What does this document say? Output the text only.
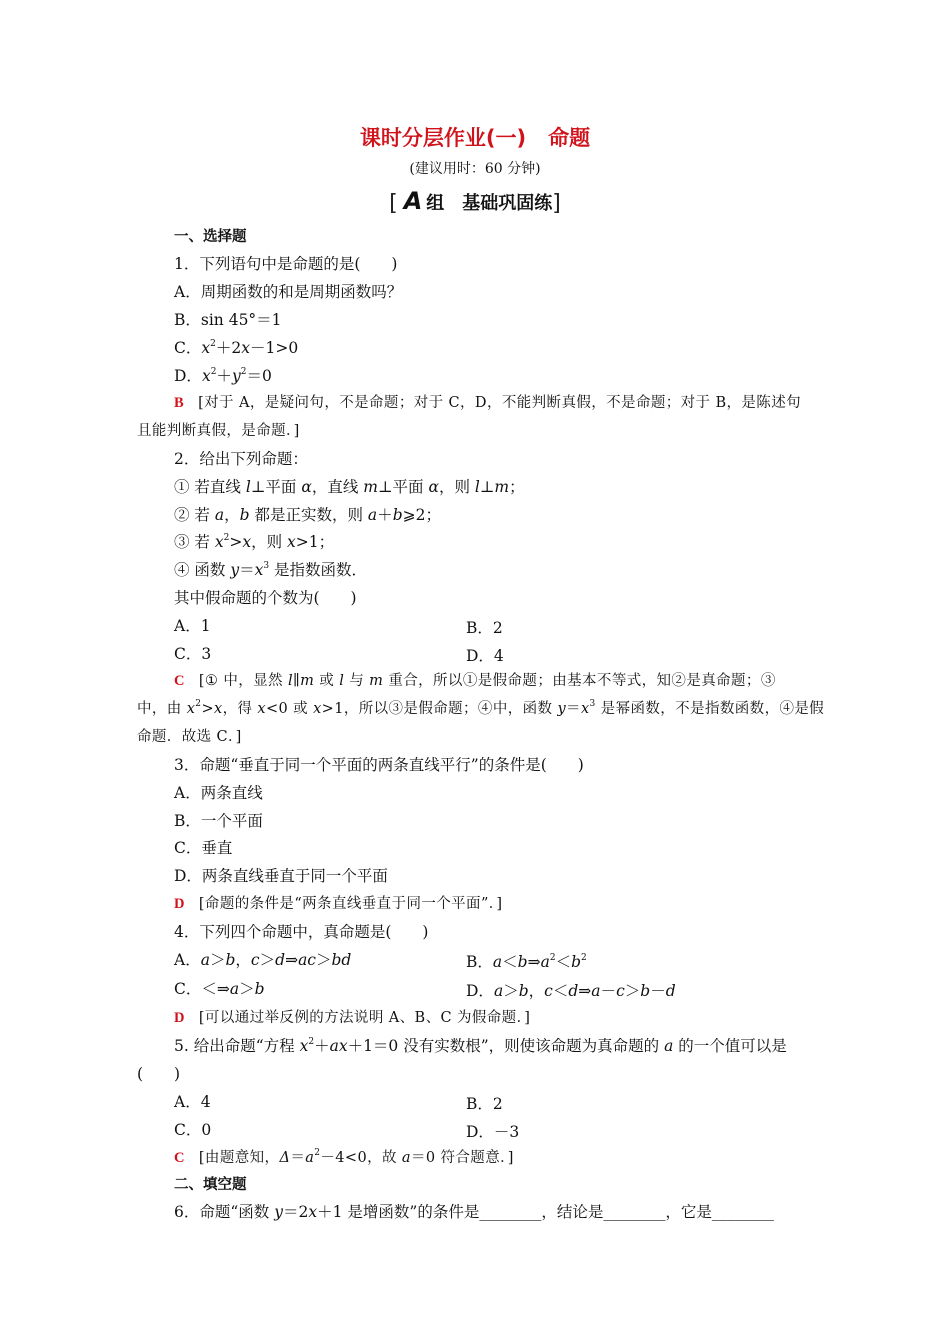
课时分层作业(一) 命题
(建议用时：60 分钟)
[ A 组 基础巩固练]
一、选择题
1．下列语句中是命题的是(　　)
A．周期函数的和是周期函数吗？
B．sin 45°＝1
C．$x^2+2x-1>0$
D．$x^2+y^2=0$
B [对于 A，是疑问句，不是命题；对于 C，D，不能判断真假，不是命题；对于 B，是陈述句
且能判断真假，是命题．]
2．给出下列命题：
① 若直线 l⊥平面 α，直线 m⊥平面 α，则 l⊥m；
② 若 a，b 都是正实数，则 a＋b⩾2；
③ 若 $x^2>x$，则 x>1；
④ 函数 $y=x^3$ 是指数函数．
其中假命题的个数为(　　)
A．1	B．2
C．3	D．4
C [① 中，显然 l∥m 或 l 与 m 重合，所以①是假命题；由基本不等式，知②是真命题；③
中，由 $x^2>x$，得 x<0 或 x>1，所以③是假命题；④中，函数 $y=x^3$ 是幂函数，不是指数函数，④是假
命题．故选 C．]
3．命题“垂直于同一个平面的两条直线平行”的条件是(　　)
A．两条直线
B．一个平面
C．垂直
D．两条直线垂直于同一个平面
D [命题的条件是“两条直线垂直于同一个平面”．]
4．下列四个命题中，真命题是(　　)
A．a＞b，c＞d⇒ac＞bd	B．$a<b\Rightarrow a^2<b^2$
C．＜⇒a＞b	D．a＞b，c＜d⇒a－c＞b－d
D [可以通过举反例的方法说明 A、B、C 为假命题．]
5. 给出命题“方程 $x^2+ax+1=0$ 没有实数根”，则使该命题为真命题的 a 的一个值可以是
(　　)
A．4	B．2
C．0	D．－3
C [由题意知，$\Delta=a^2-4<0$，故 a＝0 符合题意．]
二、填空题
6．命题“函数 y＝2x＋1 是增函数”的条件是________，结论是________，它是________
